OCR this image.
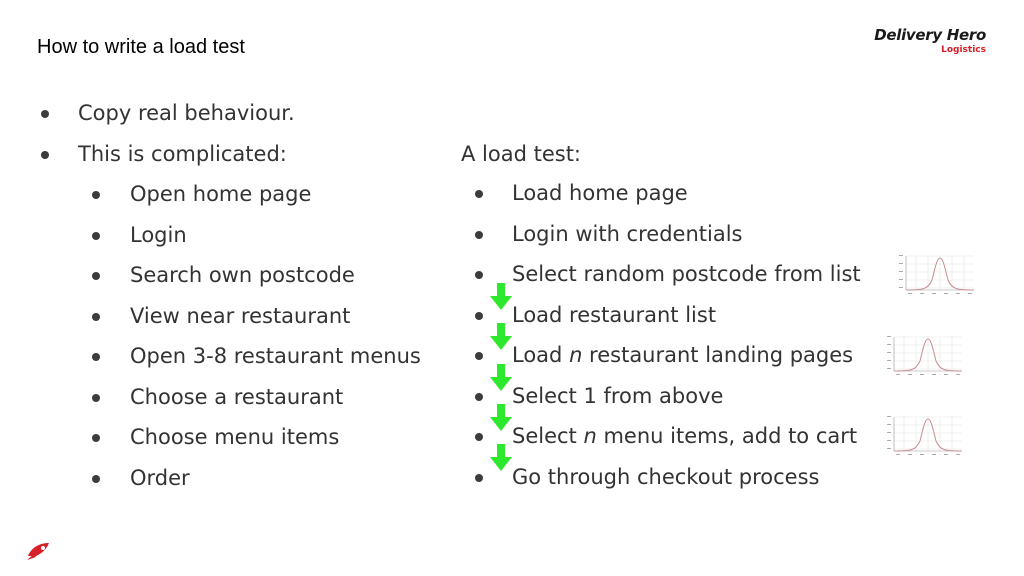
How to write a load test
Delivery Hero
Logistics
Copy real behaviour.
This is complicated:
Open home page
Login
Search own postcode
View near restaurant
Open 3-8 restaurant menus
Choose a restaurant
Choose menu items
Order
A load test:
Load home page
Login with credentials
Select random postcode from list
Load restaurant list
Load n restaurant landing pages
Select 1 from above
Select n menu items, add to cart
Go through checkout process
